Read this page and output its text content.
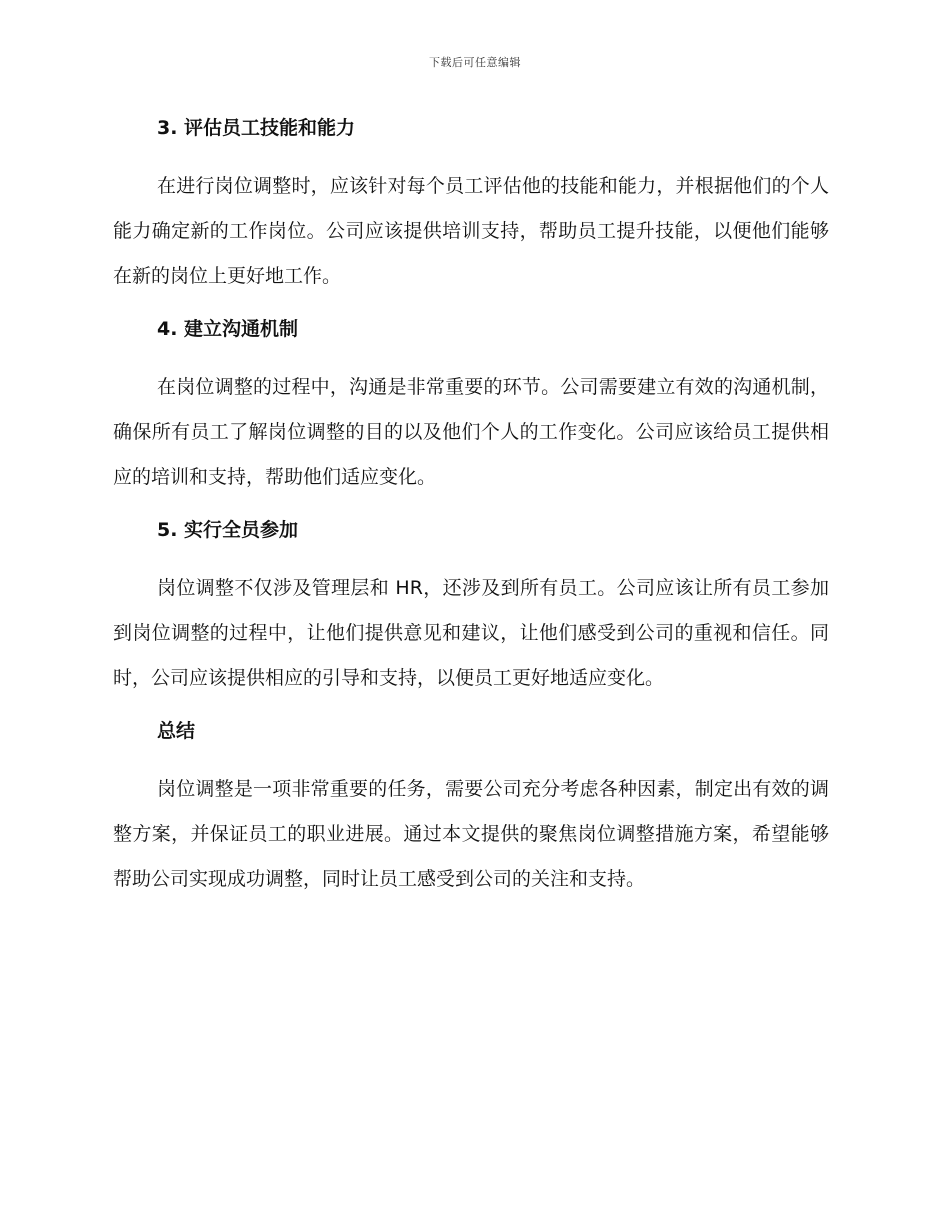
下载后可任意编辑
3. 评估员工技能和能力

在进行岗位调整时，应该针对每个员工评估他的技能和能力，并根据他们的个人能力确定新的工作岗位。公司应该提供培训支持，帮助员工提升技能，以便他们能够在新的岗位上更好地工作。

4. 建立沟通机制

在岗位调整的过程中，沟通是非常重要的环节。公司需要建立有效的沟通机制，确保所有员工了解岗位调整的目的以及他们个人的工作变化。公司应该给员工提供相应的培训和支持，帮助他们适应变化。

5. 实行全员参加

岗位调整不仅涉及管理层和 HR，还涉及到所有员工。公司应该让所有员工参加到岗位调整的过程中，让他们提供意见和建议，让他们感受到公司的重视和信任。同时，公司应该提供相应的引导和支持，以便员工更好地适应变化。

总结

岗位调整是一项非常重要的任务，需要公司充分考虑各种因素，制定出有效的调整方案，并保证员工的职业进展。通过本文提供的聚焦岗位调整措施方案，希望能够帮助公司实现成功调整，同时让员工感受到公司的关注和支持。
